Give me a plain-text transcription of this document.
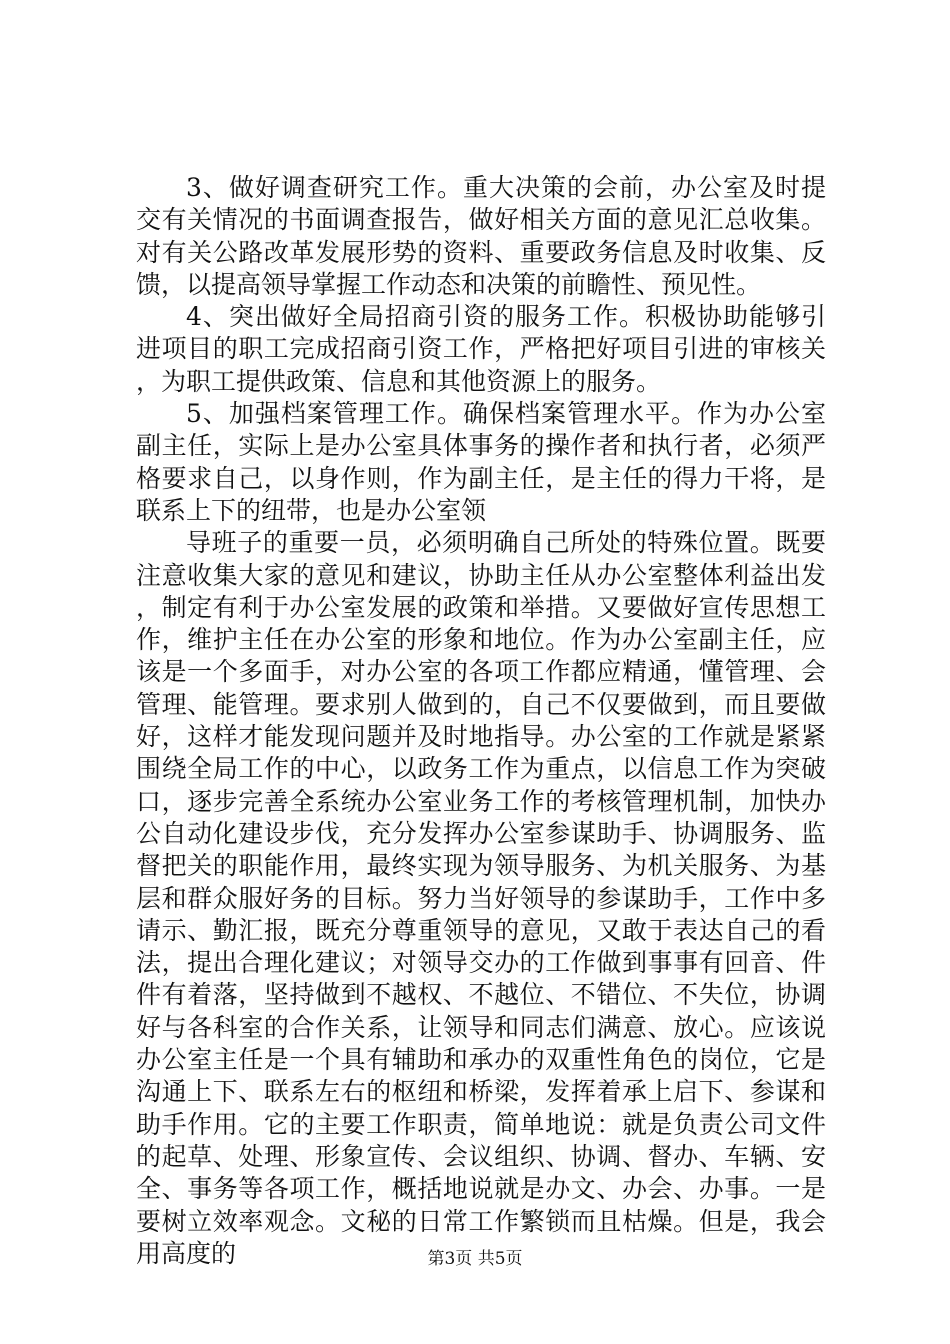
3、做好调查研究工作。重大决策的会前，办公室及时提交有关情况的书面调查报告，做好相关方面的意见汇总收集。对有关公路改革发展形势的资料、重要政务信息及时收集、反馈，以提高领导掌握工作动态和决策的前瞻性、预见性。

4、突出做好全局招商引资的服务工作。积极协助能够引进项目的职工完成招商引资工作，严格把好项目引进的审核关，为职工提供政策、信息和其他资源上的服务。

5、加强档案管理工作。确保档案管理水平。作为办公室副主任，实际上是办公室具体事务的操作者和执行者，必须严格要求自己，以身作则，作为副主任，是主任的得力干将，是联系上下的纽带，也是办公室领

导班子的重要一员，必须明确自己所处的特殊位置。既要注意收集大家的意见和建议，协助主任从办公室整体利益出发，制定有利于办公室发展的政策和举措。又要做好宣传思想工作，维护主任在办公室的形象和地位。作为办公室副主任，应该是一个多面手，对办公室的各项工作都应精通，懂管理、会管理、能管理。要求别人做到的，自己不仅要做到，而且要做好，这样才能发现问题并及时地指导。办公室的工作就是紧紧围绕全局工作的中心，以政务工作为重点，以信息工作为突破口，逐步完善全系统办公室业务工作的考核管理机制，加快办公自动化建设步伐，充分发挥办公室参谋助手、协调服务、监督把关的职能作用，最终实现为领导服务、为机关服务、为基层和群众服好务的目标。努力当好领导的参谋助手，工作中多请示、勤汇报，既充分尊重领导的意见，又敢于表达自己的看法，提出合理化建议；对领导交办的工作做到事事有回音、件件有着落，坚持做到不越权、不越位、不错位、不失位，协调好与各科室的合作关系，让领导和同志们满意、放心。应该说办公室主任是一个具有辅助和承办的双重性角色的岗位，它是沟通上下、联系左右的枢纽和桥梁，发挥着承上启下、参谋和助手作用。它的主要工作职责，简单地说：就是负责公司文件的起草、处理、形象宣传、会议组织、协调、督办、车辆、安全、事务等各项工作，概括地说就是办文、办会、办事。一是要树立效率观念。文秘的日常工作繁锁而且枯燥。但是，我会用高度的	第3页 共5页
